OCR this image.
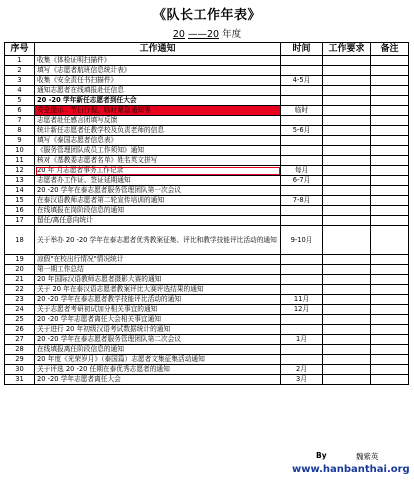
《队长工作年表》
20 ——20 年度
序号	工作通知	时间	工作要求	备注
1	收集《体检证明扫描件》			
2	填写《志愿者航班信息统计表》			
3	收集《安全责任书扫描件》	4-5月		
4	通知志愿者在线填报赴任信息			
5	20 -20 学年新任志愿者到任大会			
6	安全提示：节日行程，临时紧急通知等	临时		
7	志愿者赴任感言团填写反馈			
8	统计新任志愿者任教学校及负责老师的信息	5-6月		
9	填写《泰国志愿者信息表》			
10	《服务管理团队成员工作须知》通知			
11	核对《基教委志愿者名单》姓名英文拼写			
12	20 年 月志愿者事务工作记录	每月		
13	志愿者办工作证、签证延期通知	6-7月		
14	20 -20 学年在泰志愿者服务管理团队第一次会议			
15	在泰汉语教师志愿者第二轮宣传培训的通知	7-8月		
16	在线填报在岗阶段信息的通知			
17	留任/离任意向统计			
18	关于举办 20 -20 学年在泰志愿者优秀教案征集、评比和教学技能评比活动的通知	9-10月		
19	凉假"在校出行情况"情况统计			
20	第一期工作总结			
21	20 年国际汉语教师志愿者摄影大赛的通知			
22	关于 20 年在泰汉语志愿者教案评比大赛评选结果的通知			
23	20 -20 学年在泰志愿者教学技能评比活动的通知	11月		
24	关于志愿者考研初试加分相关事宜的通知	12月		
25	20 -20 学年志愿者离任大会相关事宜通知			
26	关于进行 20 年初级汉语考试数据统计的通知			
27	20 -20 学年在泰志愿者服务管理团队第二次会议	1月		
28	在线填报离任阶段信息的通知			
29	20 年度《光荣岁月》（泰国篇）志愿者文集征集活动通知			
30	关于评选 20 -20 任期在泰优秀志愿者的通知	2月		
31	20 -20 学年志愿者离任大会	3月		
By	魏紫英
www.hanbanthai.org
